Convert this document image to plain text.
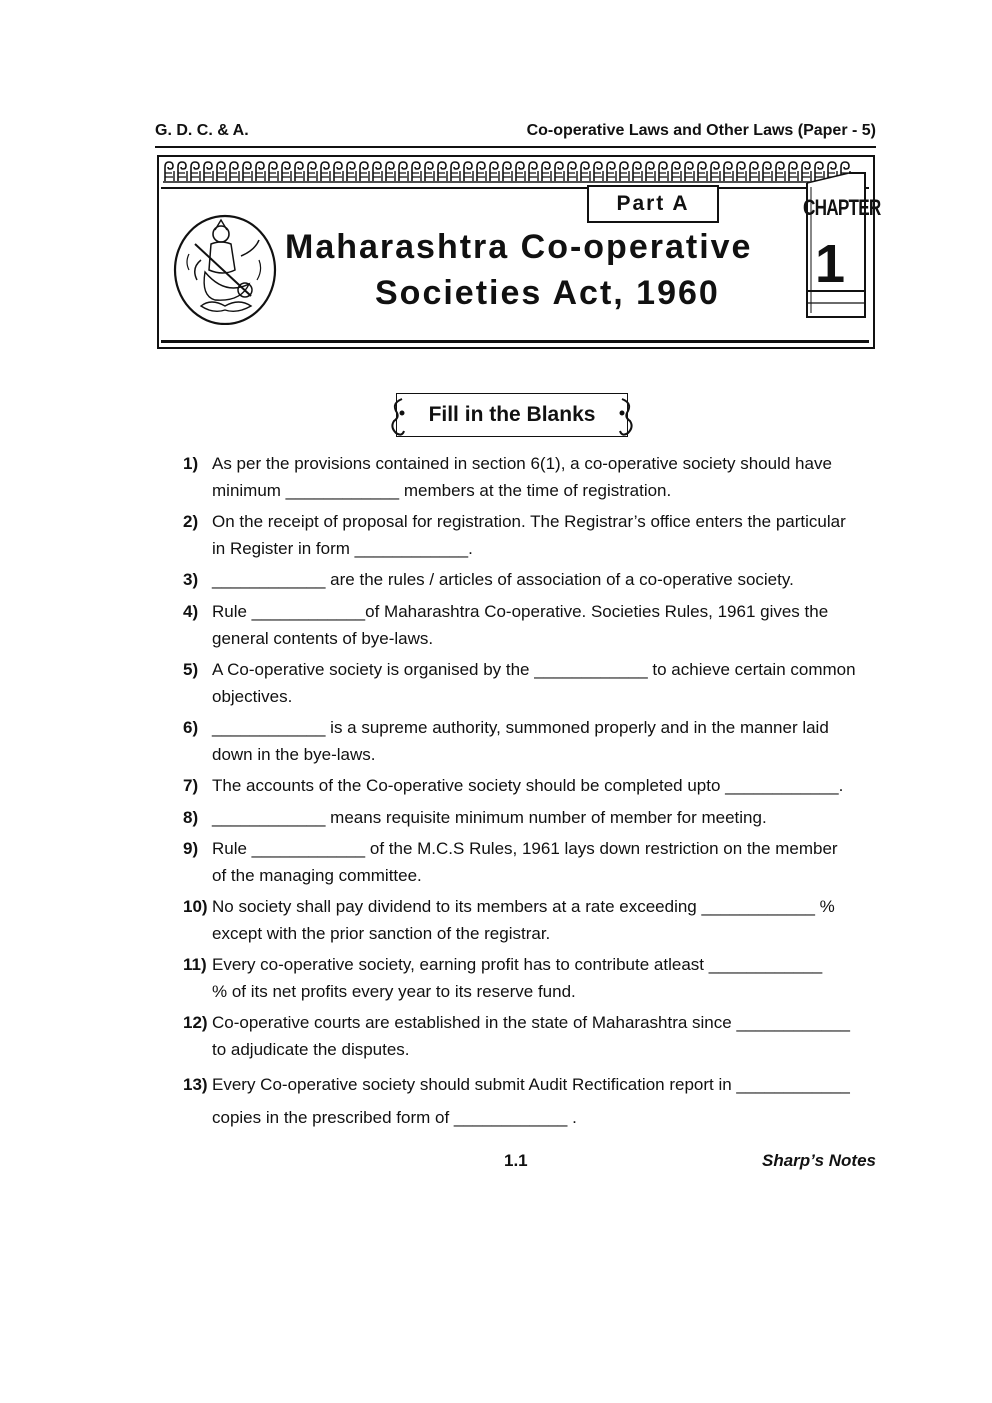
G. D. C. & A.	Co-operative Laws and Other Laws (Paper - 5)
Part A	CHAPTER
1
Maharashtra Co-operative
Societies Act, 1960
Fill in the Blanks
1) As per the provisions contained in section 6(1), a co-operative society should have
minimum ____________ members at the time of registration.
2) On the receipt of proposal for registration. The Registrar’s office enters the particular
in Register in form ____________.
3) ____________ are the rules / articles of association of a co-operative society.
4) Rule ____________of Maharashtra Co-operative. Societies Rules, 1961 gives the
general contents of bye-laws.
5) A Co-operative society is organised by the ____________ to achieve certain common
objectives.
6) ____________ is a supreme authority, summoned properly and in the manner laid
down in the bye-laws.
7) The accounts of the Co-operative society should be completed upto ____________.
8) ____________ means requisite minimum number of member for meeting.
9) Rule ____________ of the M.C.S Rules, 1961 lays down restriction on the member
of the managing committee.
10) No society shall pay dividend to its members at a rate exceeding ____________ %
except with the prior sanction of the registrar.
11) Every co-operative society, earning profit has to contribute atleast ____________
% of its net profits every year to its reserve fund.
12) Co-operative courts are established in the state of Maharashtra since ____________
to adjudicate the disputes.
13) Every Co-operative society should submit Audit Rectification report in ____________
copies in the prescribed form of ____________ .
1.1	Sharp’s Notes
